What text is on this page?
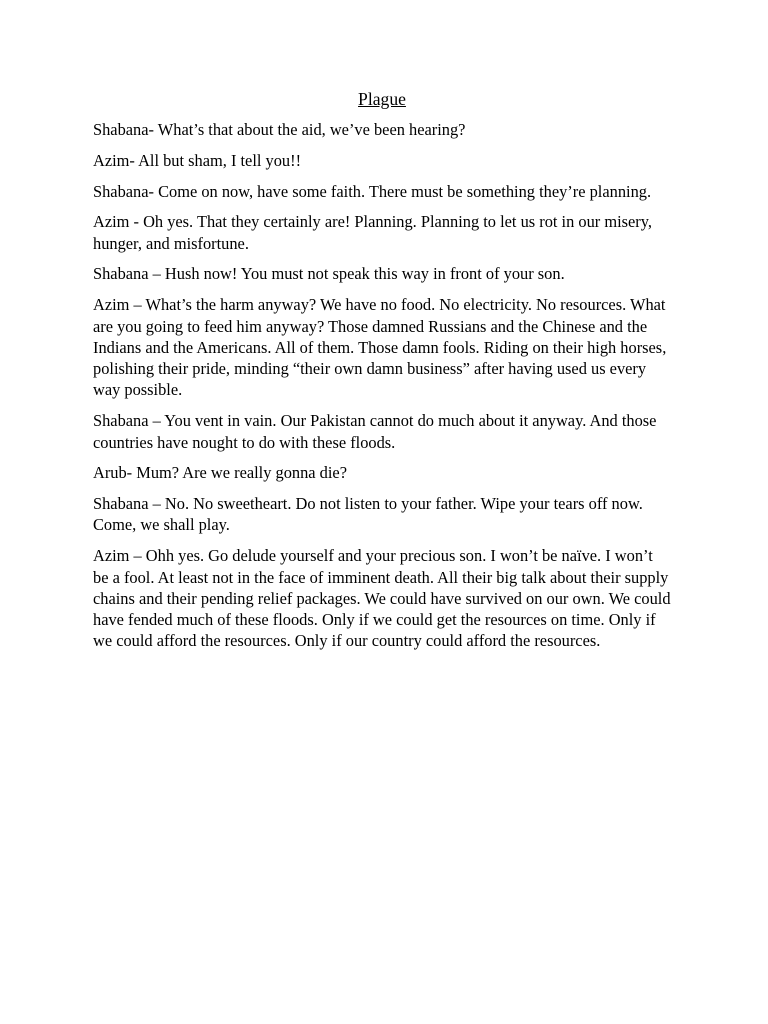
Plague

Shabana- What’s that about the aid, we’ve been hearing?

Azim- All but sham, I tell you!!

Shabana- Come on now, have some faith. There must be something they’re planning.

Azim - Oh yes. That they certainly are! Planning. Planning to let us rot in our misery, hunger, and misfortune.

Shabana – Hush now! You must not speak this way in front of your son.

Azim – What’s the harm anyway? We have no food. No electricity. No resources. What are you going to feed him anyway? Those damned Russians and the Chinese and the Indians and the Americans. All of them. Those damn fools. Riding on their high horses, polishing their pride, minding “their own damn business” after having used us every way possible.

Shabana – You vent in vain. Our Pakistan cannot do much about it anyway. And those countries have nought to do with these floods.

Arub- Mum? Are we really gonna die?

Shabana – No. No sweetheart. Do not listen to your father. Wipe your tears off now. Come, we shall play.

Azim – Ohh yes. Go delude yourself and your precious son. I won’t be naïve. I won’t be a fool. At least not in the face of imminent death. All their big talk about their supply chains and their pending relief packages. We could have survived on our own. We could have fended much of these floods. Only if we could get the resources on time. Only if we could afford the resources. Only if our country could afford the resources.
